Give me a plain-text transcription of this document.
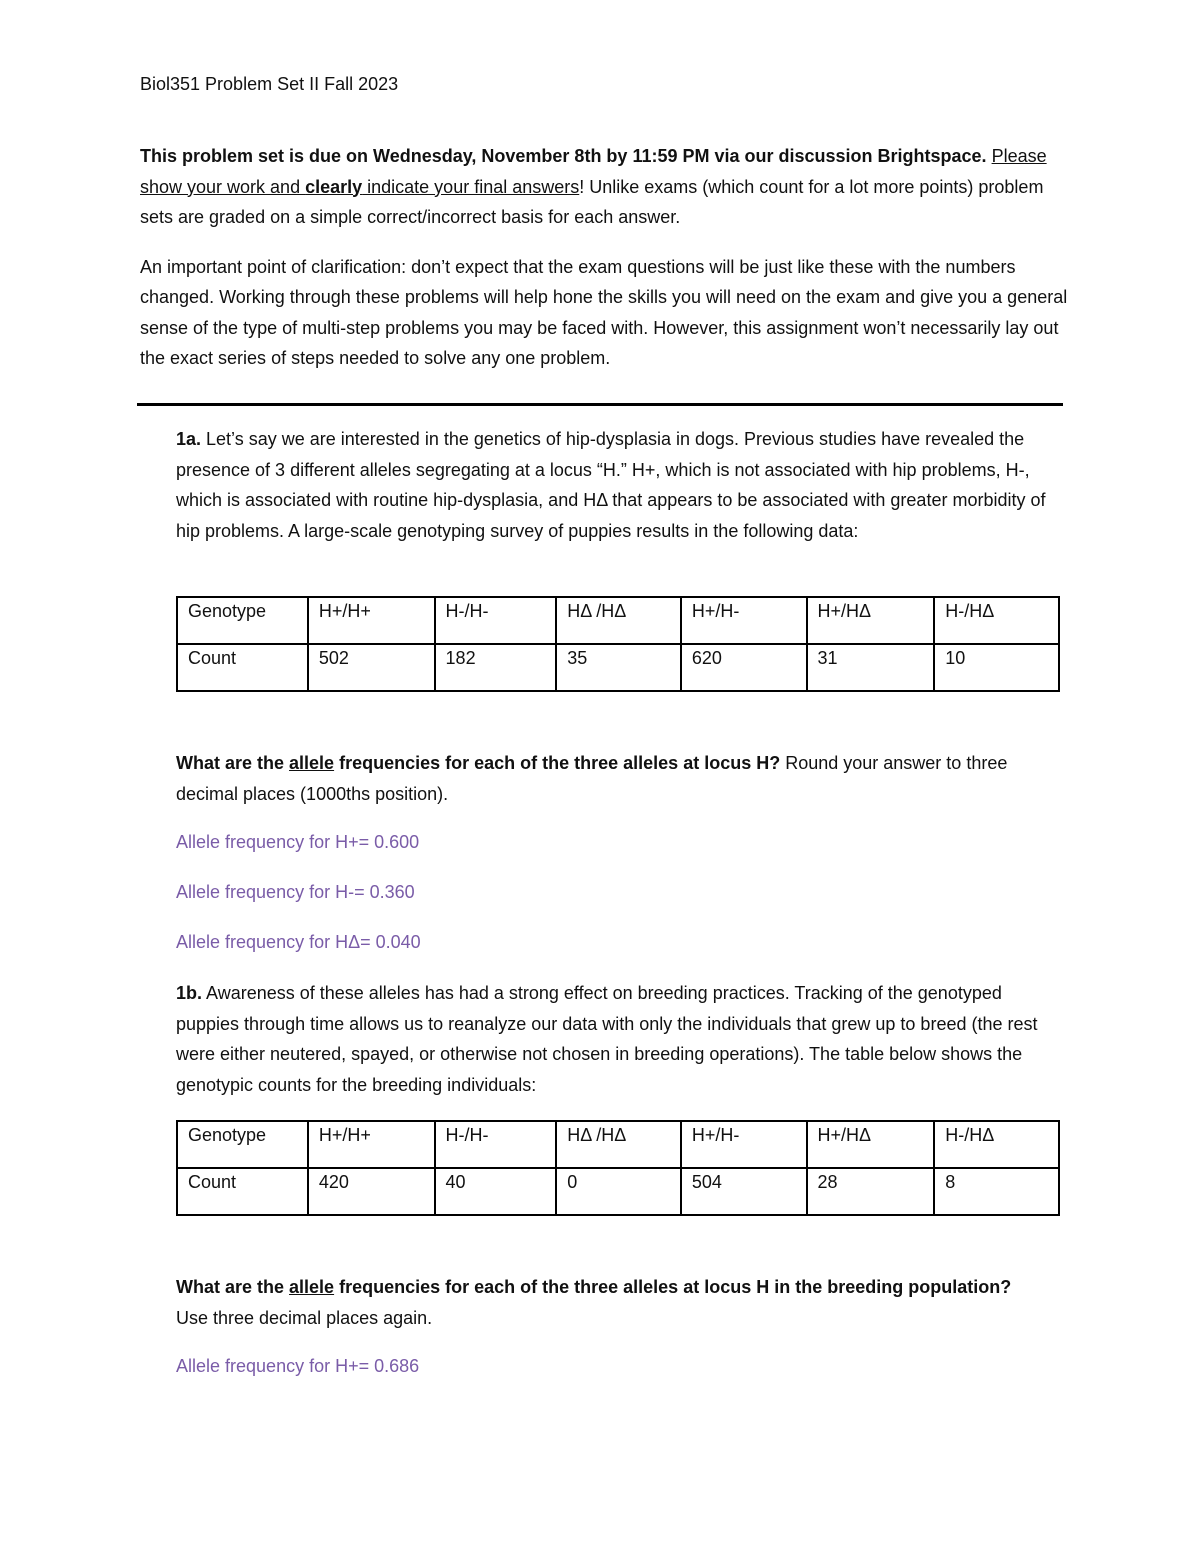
Biol351 Problem Set II Fall 2023

This problem set is due on Wednesday, November 8th by 11:59 PM via our discussion Brightspace. Please show your work and clearly indicate your final answers! Unlike exams (which count for a lot more points) problem sets are graded on a simple correct/incorrect basis for each answer.

An important point of clarification: don’t expect that the exam questions will be just like these with the numbers changed. Working through these problems will help hone the skills you will need on the exam and give you a general sense of the type of multi-step problems you may be faced with. However, this assignment won’t necessarily lay out the exact series of steps needed to solve any one problem.

1a. Let’s say we are interested in the genetics of hip-dysplasia in dogs. Previous studies have revealed the presence of 3 different alleles segregating at a locus “H.” H+, which is not associated with hip problems, H-, which is associated with routine hip-dysplasia, and HΔ that appears to be associated with greater morbidity of hip problems. A large-scale genotyping survey of puppies results in the following data:

Genotype	H+/H+	H-/H-	HΔ /HΔ	H+/H-	H+/HΔ	H-/HΔ
Count	502	182	35	620	31	10

What are the allele frequencies for each of the three alleles at locus H? Round your answer to three decimal places (1000ths position).

Allele frequency for H+= 0.600
Allele frequency for H-= 0.360
Allele frequency for HΔ= 0.040

1b. Awareness of these alleles has had a strong effect on breeding practices. Tracking of the genotyped puppies through time allows us to reanalyze our data with only the individuals that grew up to breed (the rest were either neutered, spayed, or otherwise not chosen in breeding operations). The table below shows the genotypic counts for the breeding individuals:

Genotype	H+/H+	H-/H-	HΔ /HΔ	H+/H-	H+/HΔ	H-/HΔ
Count	420	40	0	504	28	8

What are the allele frequencies for each of the three alleles at locus H in the breeding population?

Use three decimal places again.

Allele frequency for H+= 0.686
